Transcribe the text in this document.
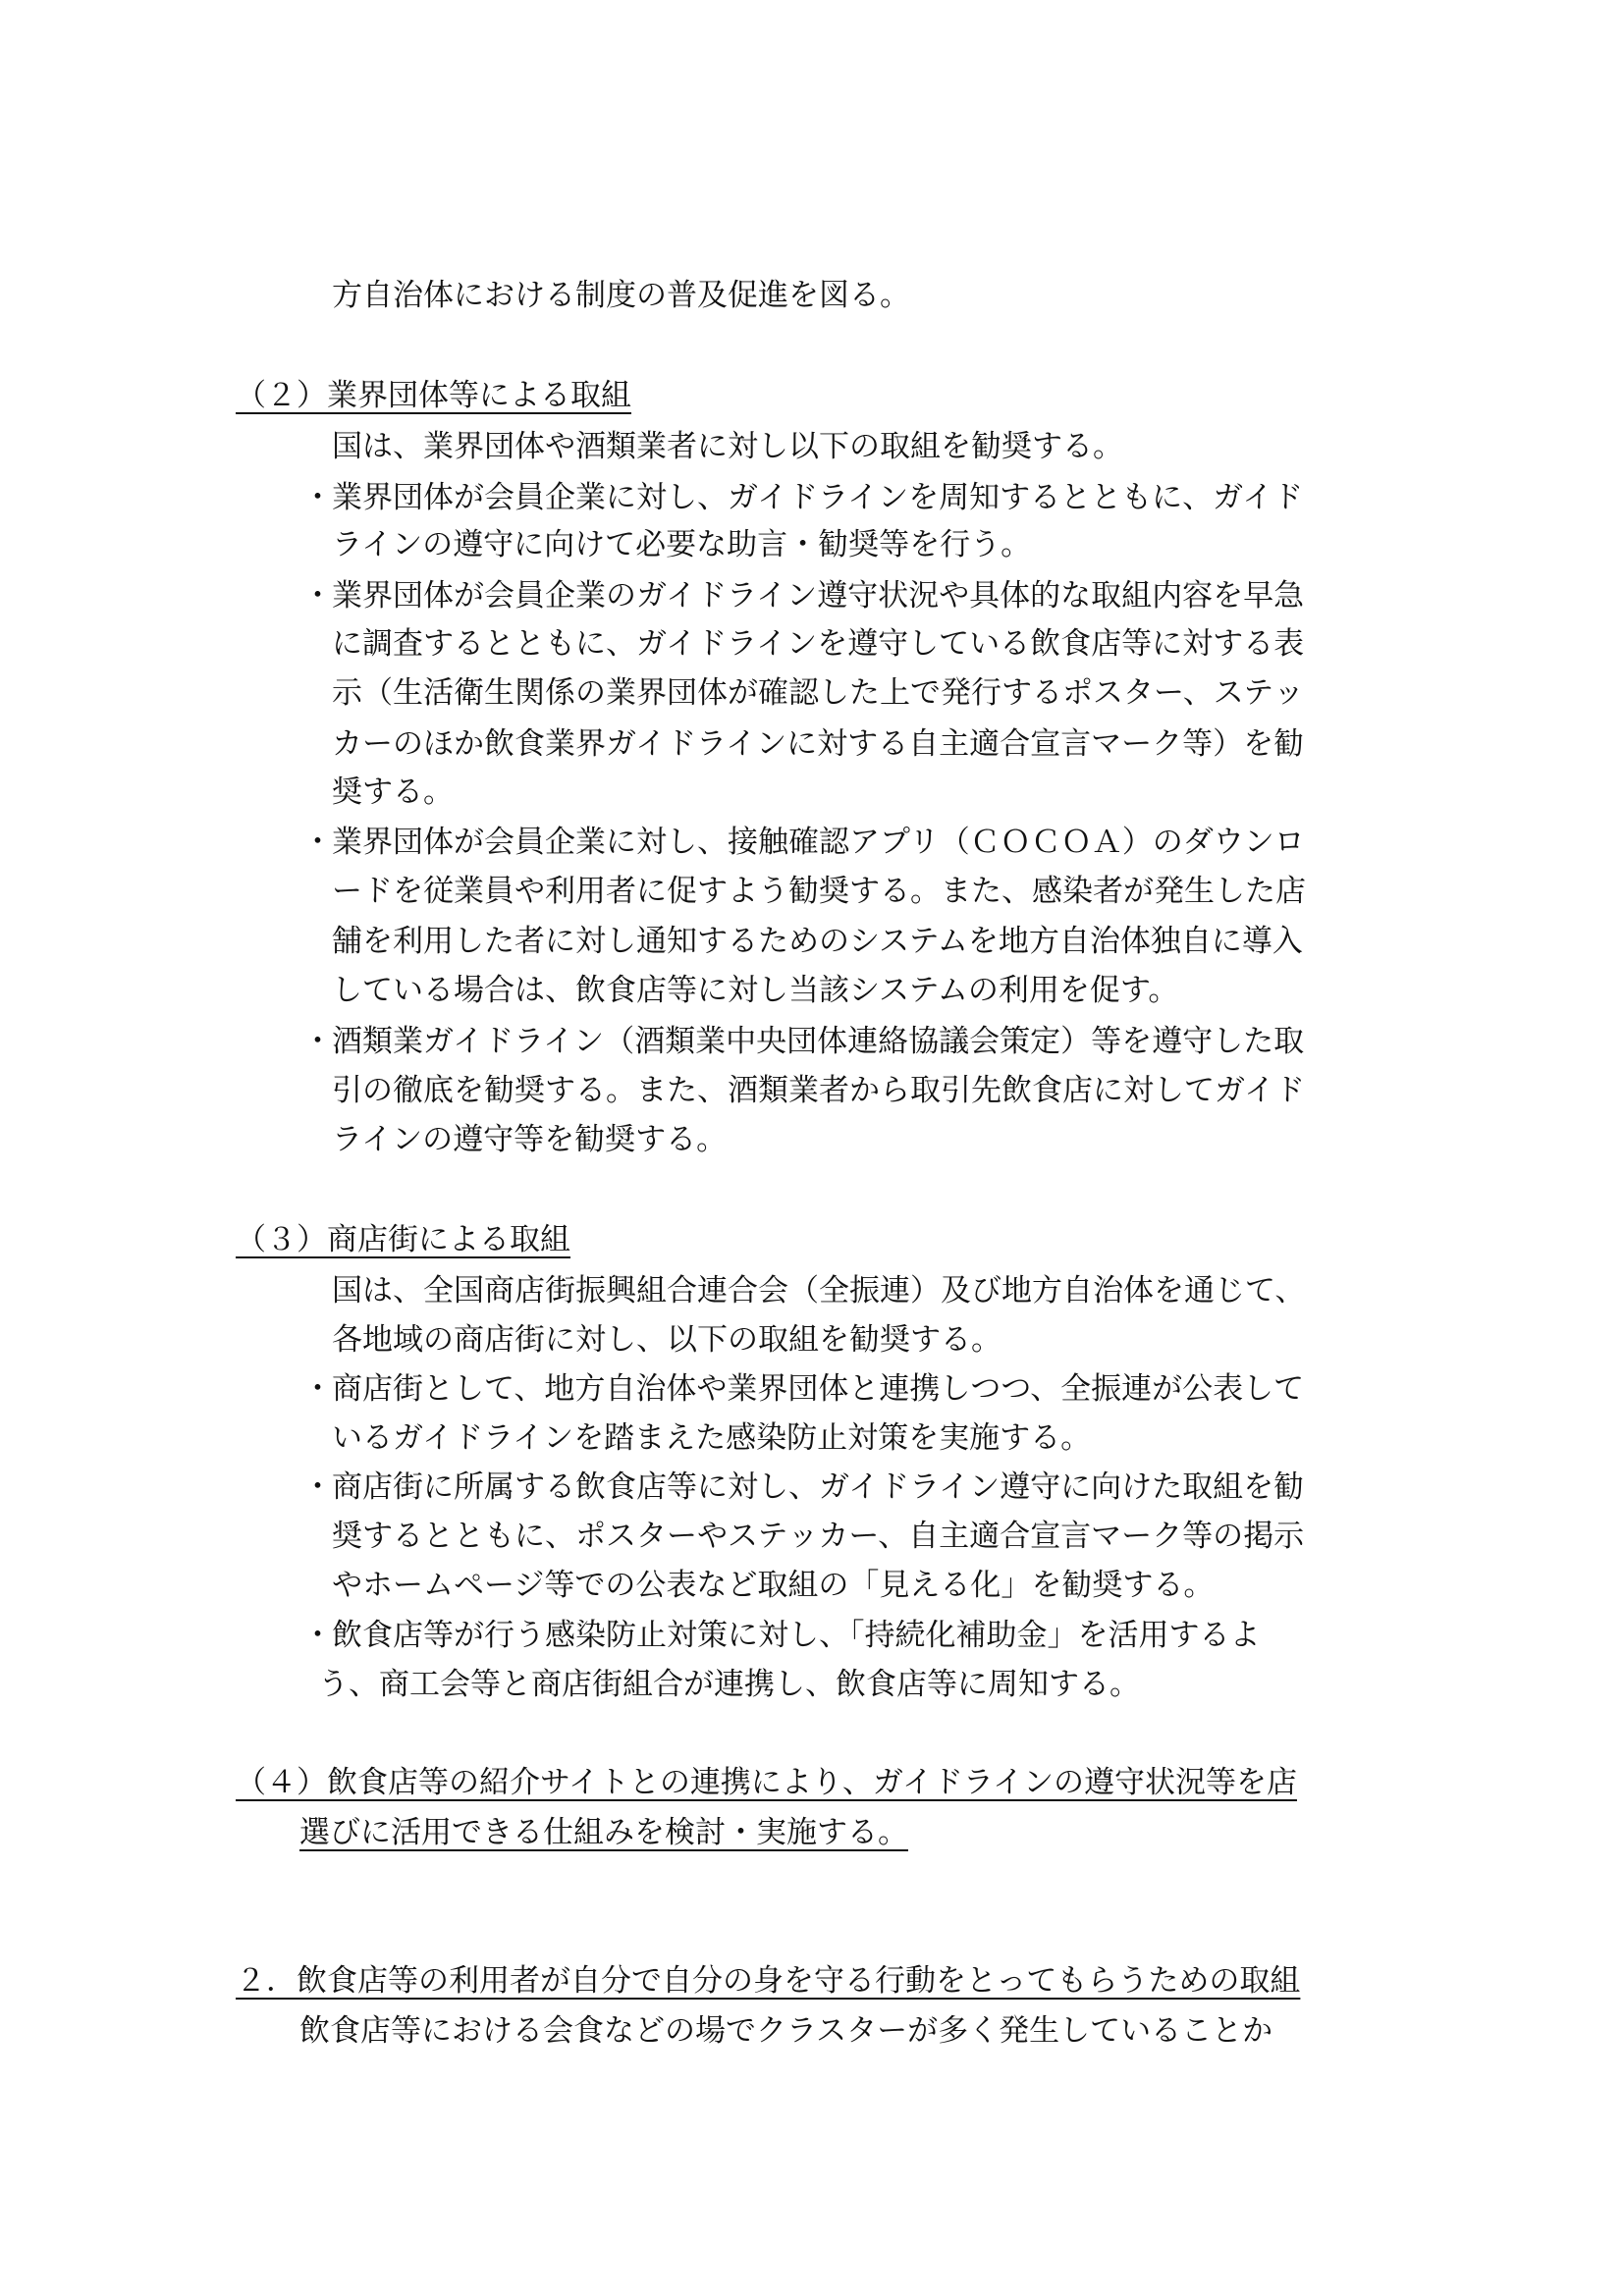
方自治体における制度の普及促進を図る。
（２）業界団体等による取組
国は、業界団体や酒類業者に対し以下の取組を勧奨する。
・ 業界団体が会員企業に対し、ガイドラインを周知するとともに、ガイド
ラインの遵守に向けて必要な助言・勧奨等を行う。
・ 業界団体が会員企業のガイドライン遵守状況や具体的な取組内容を早急
に調査するとともに、ガイドラインを遵守している飲食店等に対する表
示（生活衛生関係の業界団体が確認した上で発行するポスター、ステッ
カーのほか飲食業界ガイドラインに対する自主適合宣言マーク等）を勧
奨する。
・ 業界団体が会員企業に対し、接触確認アプリ（ＣＯＣＯＡ）のダウンロ
ードを従業員や利用者に促すよう勧奨する。また、感染者が発生した店
舗を利用した者に対し通知するためのシステムを地方自治体独自に導入
している場合は、飲食店等に対し当該システムの利用を促す。
・ 酒類業ガイドライン（酒類業中央団体連絡協議会策定）等を遵守した取
引の徹底を勧奨する。また、酒類業者から取引先飲食店に対してガイド
ラインの遵守等を勧奨する。
（３）商店街による取組
国は、全国商店街振興組合連合会（全振連）及び地方自治体を通じて、
各地域の商店街に対し、以下の取組を勧奨する。
・ 商店街として、地方自治体や業界団体と連携しつつ、全振連が公表して
いるガイドラインを踏まえた感染防止対策を実施する。
・ 商店街に所属する飲食店等に対し、ガイドライン遵守に向けた取組を勧
奨するとともに、ポスターやステッカー、自主適合宣言マーク等の掲示
やホームページ等での公表など取組の「見える化」を勧奨する。
・ 飲食店等が行う感染防止対策に対し、「持続化補助金」を活用するよ
う、商工会等と商店街組合が連携し、飲食店等に周知する。
（４）飲食店等の紹介サイトとの連携により、ガイドラインの遵守状況等を店
選びに活用できる仕組みを検討・実施する。
２．飲食店等の利用者が自分で自分の身を守る行動をとってもらうための取組
飲食店等における会食などの場でクラスターが多く発生していることか
